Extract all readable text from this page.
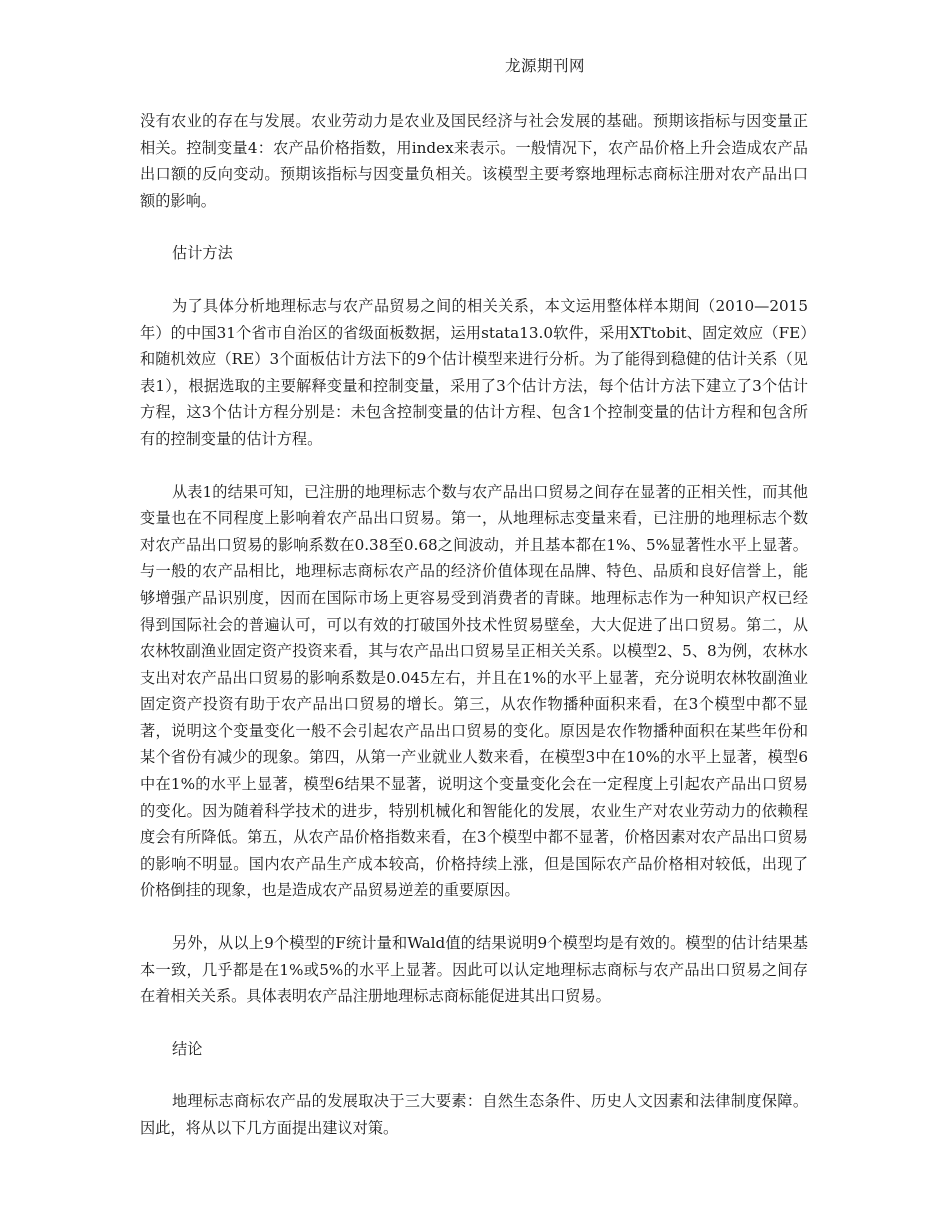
龙源期刊网

没有农业的存在与发展。农业劳动力是农业及国民经济与社会发展的基础。预期该指标与因变量正相关。控制变量4：农产品价格指数，用index来表示。一般情况下，农产品价格上升会造成农产品出口额的反向变动。预期该指标与因变量负相关。该模型主要考察地理标志商标注册对农产品出口额的影响。

估计方法

为了具体分析地理标志与农产品贸易之间的相关关系，本文运用整体样本期间（2010—2015年）的中国31个省市自治区的省级面板数据，运用stata13.0软件，采用XTtobit、固定效应（FE）和随机效应（RE）3个面板估计方法下的9个估计模型来进行分析。为了能得到稳健的估计关系（见表1），根据选取的主要解释变量和控制变量，采用了3个估计方法，每个估计方法下建立了3个估计方程，这3个估计方程分别是：未包含控制变量的估计方程、包含1个控制变量的估计方程和包含所有的控制变量的估计方程。

从表1的结果可知，已注册的地理标志个数与农产品出口贸易之间存在显著的正相关性，而其他变量也在不同程度上影响着农产品出口贸易。第一，从地理标志变量来看，已注册的地理标志个数对农产品出口贸易的影响系数在0.38至0.68之间波动，并且基本都在1%、5%显著性水平上显著。与一般的农产品相比，地理标志商标农产品的经济价值体现在品牌、特色、品质和良好信誉上，能够增强产品识别度，因而在国际市场上更容易受到消费者的青睐。地理标志作为一种知识产权已经得到国际社会的普遍认可，可以有效的打破国外技术性贸易壁垒，大大促进了出口贸易。第二，从农林牧副渔业固定资产投资来看，其与农产品出口贸易呈正相关关系。以模型2、5、8为例，农林水支出对农产品出口贸易的影响系数是0.045左右，并且在1%的水平上显著，充分说明农林牧副渔业固定资产投资有助于农产品出口贸易的增长。第三，从农作物播种面积来看，在3个模型中都不显著，说明这个变量变化一般不会引起农产品出口贸易的变化。原因是农作物播种面积在某些年份和某个省份有减少的现象。第四，从第一产业就业人数来看，在模型3中在10%的水平上显著，模型6中在1%的水平上显著，模型6结果不显著，说明这个变量变化会在一定程度上引起农产品出口贸易的变化。因为随着科学技术的进步，特别机械化和智能化的发展，农业生产对农业劳动力的依赖程度会有所降低。第五，从农产品价格指数来看，在3个模型中都不显著，价格因素对农产品出口贸易的影响不明显。国内农产品生产成本较高，价格持续上涨，但是国际农产品价格相对较低，出现了价格倒挂的现象，也是造成农产品贸易逆差的重要原因。

另外，从以上9个模型的F统计量和Wald值的结果说明9个模型均是有效的。模型的估计结果基本一致，几乎都是在1%或5%的水平上显著。因此可以认定地理标志商标与农产品出口贸易之间存在着相关关系。具体表明农产品注册地理标志商标能促进其出口贸易。

结论

地理标志商标农产品的发展取决于三大要素：自然生态条件、历史人文因素和法律制度保障。因此，将从以下几方面提出建议对策。
